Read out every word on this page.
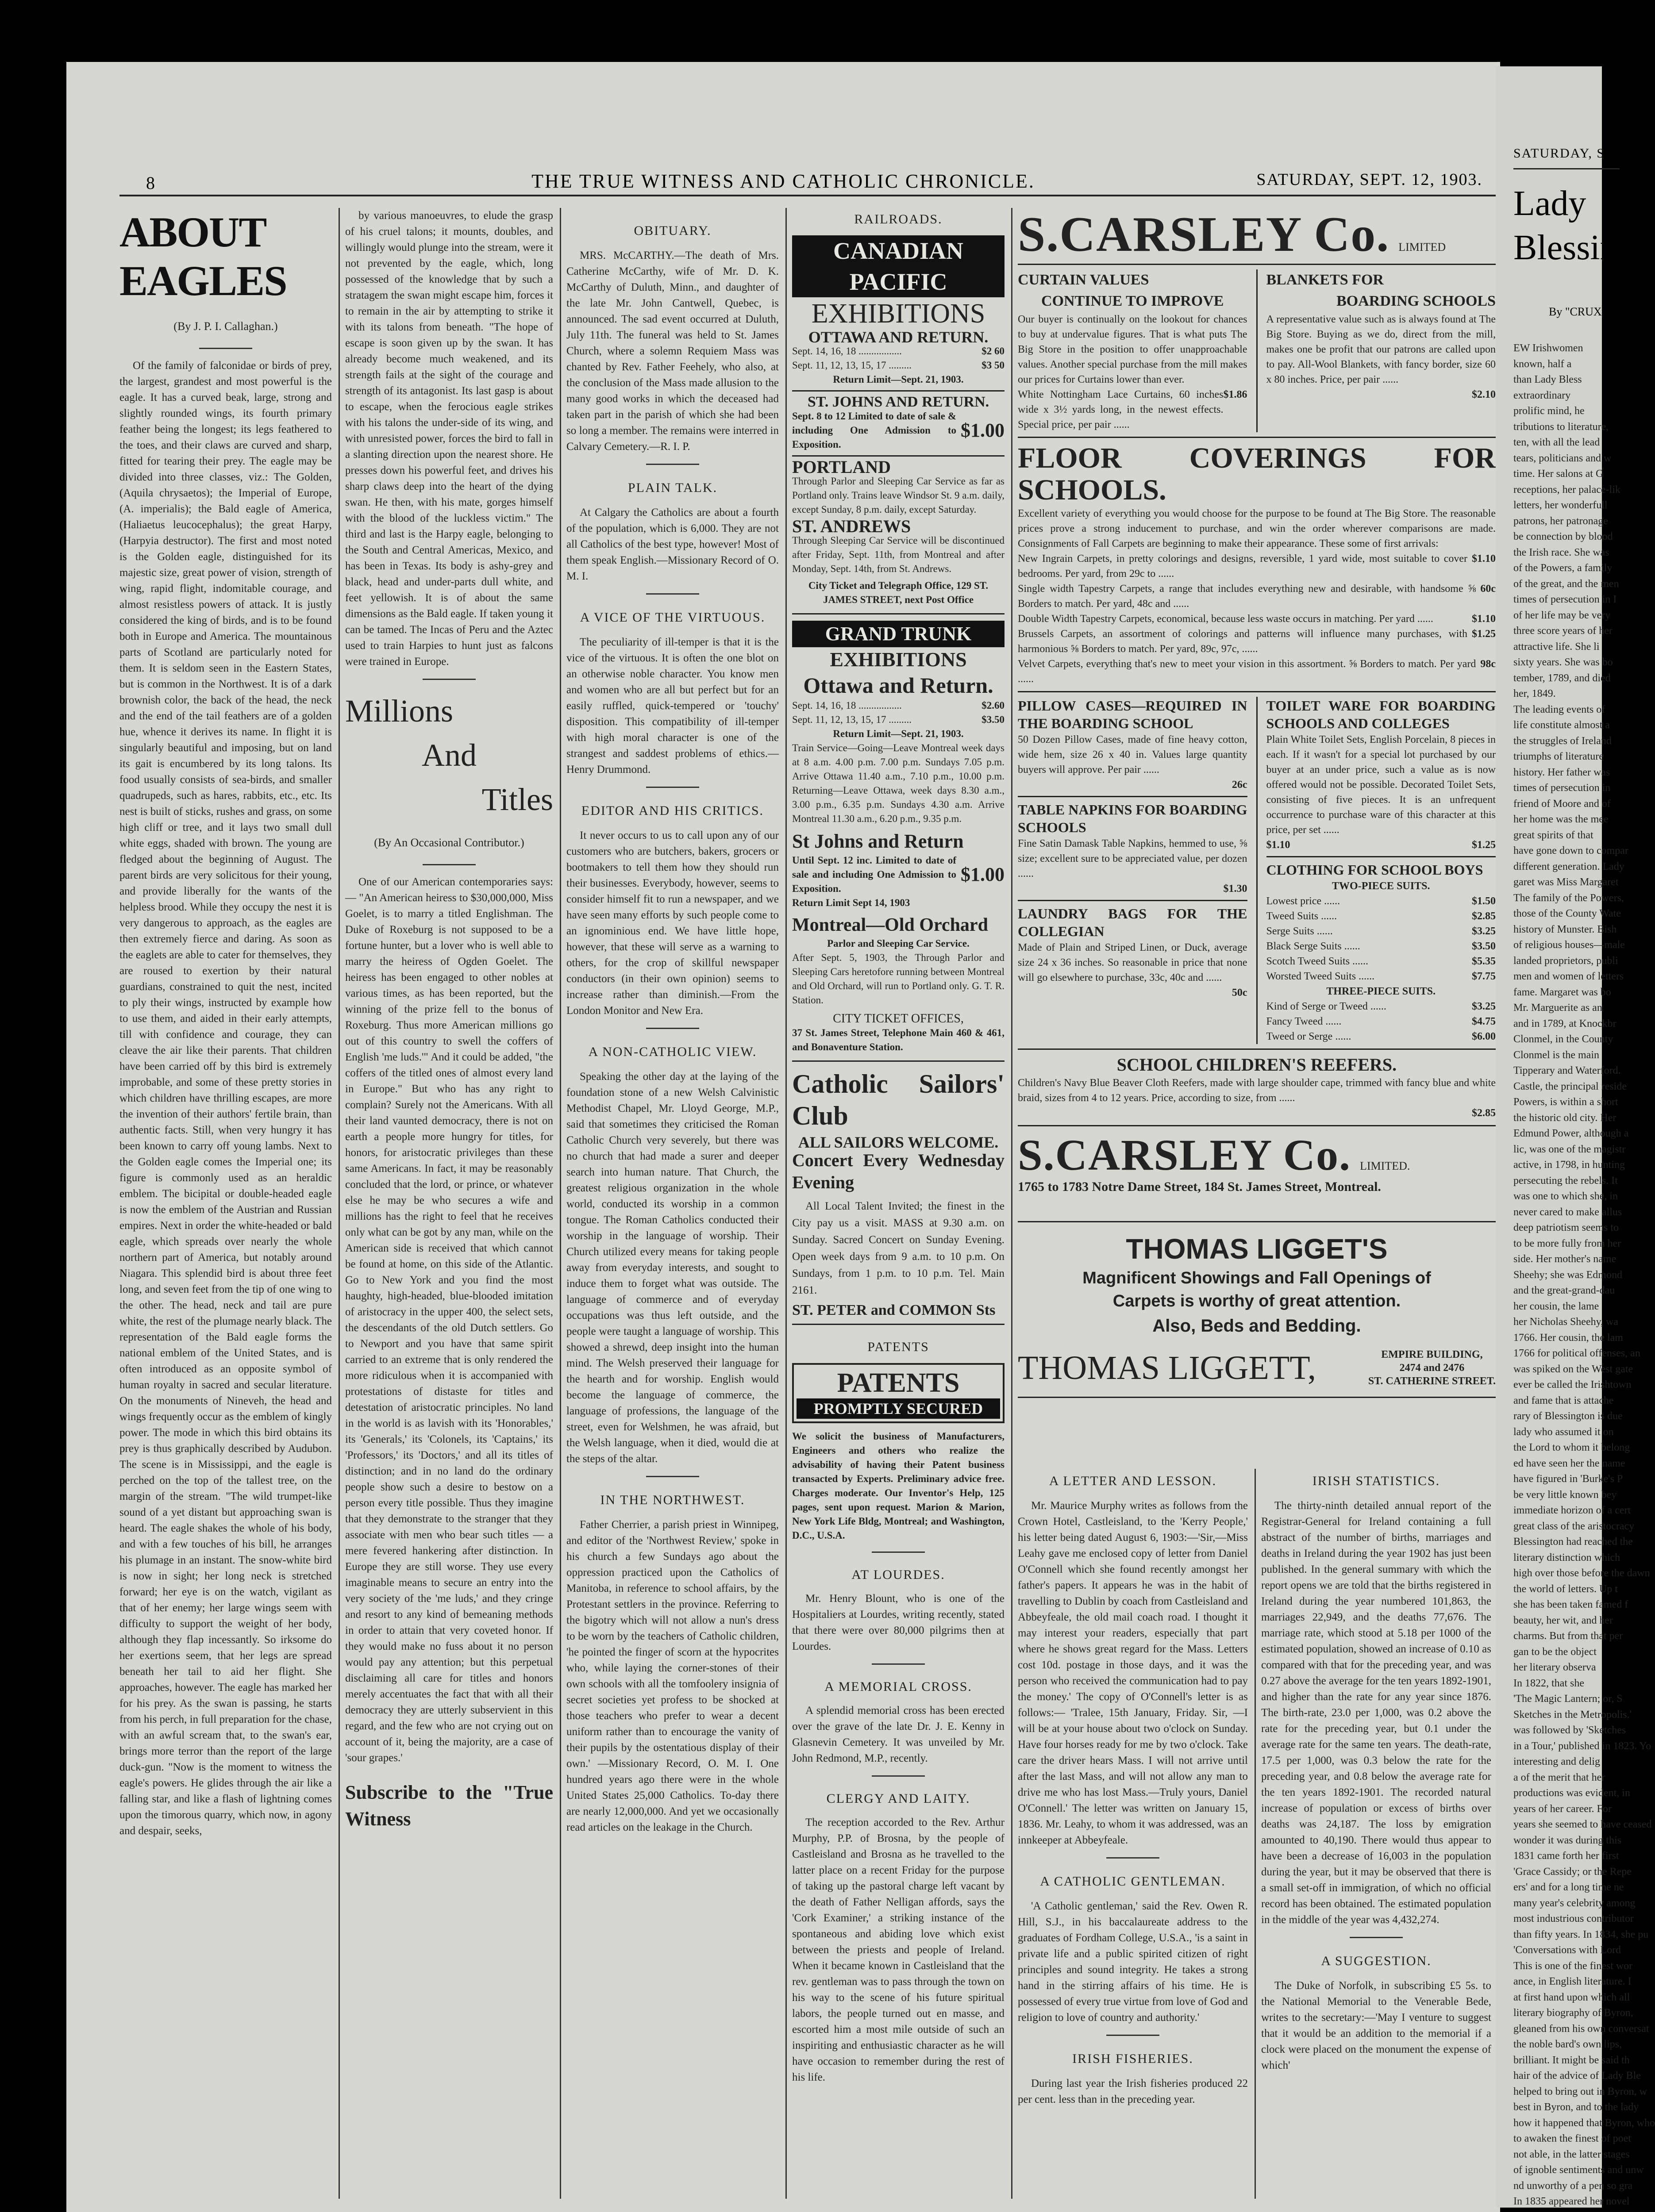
8	THE TRUE WITNESS AND CATHOLIC CHRONICLE.	SATURDAY, SEPT. 12, 1903.
ABOUT EAGLES
(By J. P. I. Callaghan.)

Of the family of falconidae or birds of prey, the largest, grandest and most powerful is the eagle. It has a curved beak, large, strong and slightly rounded wings, its fourth primary feather being the longest; its legs feathered to the toes, and their claws are curved and sharp, fitted for tearing their prey. The eagle may be divided into three classes, viz.: The Golden, (Aquila chrysaetos); the Imperial of Europe, (A. imperialis); the Bald eagle of America, (Haliaetus leucocephalus); the great Harpy, (Harpyia destructor). The first and most noted is the Golden eagle, distinguished for its majestic size, great power of vision, strength of wing, rapid flight, indomitable courage, and almost resistless powers of attack. It is justly considered the king of birds, and is to be found both in Europe and America. The mountainous parts of Scotland are particularly noted for them. It is seldom seen in the Eastern States, but is common in the Northwest. It is of a dark brownish color, the back of the head, the neck and the end of the tail feathers are of a golden hue, whence it derives its name. In flight it is singularly beautiful and imposing, but on land its gait is encumbered by its long talons. Its food usually consists of sea-birds, and smaller quadrupeds, such as hares, rabbits, etc., etc. Its nest is built of sticks, rushes and grass, on some high cliff or tree, and it lays two small dull white eggs, shaded with brown. The young are fledged about the beginning of August. The parent birds are very solicitous for their young, and provide liberally for the wants of the helpless brood. While they occupy the nest it is very dangerous to approach, as the eagles are then extremely fierce and daring. As soon as the eaglets are able to cater for themselves, they are roused to exertion by their natural guardians, constrained to quit the nest, incited to ply their wings, instructed by example how to use them, and aided in their early attempts, till with confidence and courage, they can cleave the air like their parents. That children have been carried off by this bird is extremely improbable, and some of these pretty stories in which children have thrilling escapes, are more the invention of their authors' fertile brain, than authentic facts. Still, when very hungry it has been known to carry off young lambs. Next to the Golden eagle comes the Imperial one; its figure is commonly used as an heraldic emblem. The bicipital or double-headed eagle is now the emblem of the Austrian and Russian empires. Next in order the white-headed or bald eagle, which spreads over nearly the whole northern part of America, but notably around Niagara. This splendid bird is about three feet long, and seven feet from the tip of one wing to the other. The head, neck and tail are pure white, the rest of the plumage nearly black. The representation of the Bald eagle forms the national emblem of the United States, and is often introduced as an opposite symbol of human royalty in sacred and secular literature. On the monuments of Nineveh, the head and wings frequently occur as the emblem of kingly power. The mode in which this bird obtains its prey is thus graphically described by Audubon. The scene is in Mississippi, and the eagle is perched on the top of the tallest tree, on the margin of the stream. "The wild trumpet-like sound of a yet distant but approaching swan is heard. The eagle shakes the whole of his body, and with a few touches of his bill, he arranges his plumage in an instant. The snow-white bird is now in sight; her long neck is stretched forward; her eye is on the watch, vigilant as that of her enemy; her large wings seem with difficulty to support the weight of her body, although they flap incessantly. So irksome do her exertions seem, that her legs are spread beneath her tail to aid her flight. She approaches, however. The eagle has marked her for his prey. As the swan is passing, he starts from his perch, in full preparation for the chase, with an awful scream that, to the swan's ear, brings more terror than the report of the large duck-gun. "Now is the moment to witness the eagle's powers. He glides through the air like a falling star, and like a flash of lightning comes upon the timorous quarry, which now, in agony and despair, seeks,

by various manoeuvres, to elude the grasp of his cruel talons; it mounts, doubles, and willingly would plunge into the stream, were it not prevented by the eagle, which, long possessed of the knowledge that by such a stratagem the swan might escape him, forces it to remain in the air by attempting to strike it with its talons from beneath. "The hope of escape is soon given up by the swan. It has already become much weakened, and its strength fails at the sight of the courage and strength of its antagonist. Its last gasp is about to escape, when the ferocious eagle strikes with his talons the under-side of its wing, and with unresisted power, forces the bird to fall in a slanting direction upon the nearest shore. He presses down his powerful feet, and drives his sharp claws deep into the heart of the dying swan. He then, with his mate, gorges himself with the blood of the luckless victim." The third and last is the Harpy eagle, belonging to the South and Central Americas, Mexico, and has been in Texas. Its body is ashy-grey and black, head and under-parts dull white, and feet yellowish. It is of about the same dimensions as the Bald eagle. If taken young it can be tamed. The Incas of Peru and the Aztec used to train Harpies to hunt just as falcons were trained in Europe.

Millions
And
Titles
(By An Occasional Contributor.)

One of our American contemporaries says:— "An American heiress to $30,000,000, Miss Goelet, is to marry a titled Englishman. The Duke of Roxeburg is not supposed to be a fortune hunter, but a lover who is well able to marry the heiress of Ogden Goelet. The heiress has been engaged to other nobles at various times, as has been reported, but the winning of the prize fell to the bonus of Roxeburg. Thus more American millions go out of this country to swell the coffers of English 'me luds.'" And it could be added, "the coffers of the titled ones of almost every land in Europe." But who has any right to complain? Surely not the Americans. With all their land vaunted democracy, there is not on earth a people more hungry for titles, for honors, for aristocratic privileges than these same Americans. In fact, it may be reasonably concluded that the lord, or prince, or whatever else he may be who secures a wife and millions has the right to feel that he receives only what can be got by any man, while on the American side is received that which cannot be found at home, on this side of the Atlantic. Go to New York and you find the most haughty, high-headed, blue-blooded imitation of aristocracy in the upper 400, the select sets, the descendants of the old Dutch settlers. Go to Newport and you have that same spirit carried to an extreme that is only rendered the more ridiculous when it is accompanied with protestations of distaste for titles and detestation of aristocratic principles. No land in the world is as lavish with its 'Honorables,' its 'Generals,' its 'Colonels, its 'Captains,' its 'Professors,' its 'Doctors,' and all its titles of distinction; and in no land do the ordinary people show such a desire to bestow on a person every title possible. Thus they imagine that they demonstrate to the stranger that they associate with men who bear such titles — a mere fevered hankering after distinction. In Europe they are still worse. They use every imaginable means to secure an entry into the very society of the 'me luds,' and they cringe and resort to any kind of bemeaning methods in order to attain that very coveted honor. If they would make no fuss about it no person would pay any attention; but this perpetual disclaiming all care for titles and honors merely accentuates the fact that with all their democracy they are utterly subservient in this regard, and the few who are not crying out on account of it, being the majority, are a case of 'sour grapes.'

Subscribe to the "True Witness
OBITUARY.

MRS. McCARTHY.—The death of Mrs. Catherine McCarthy, wife of Mr. D. K. McCarthy of Duluth, Minn., and daughter of the late Mr. John Cantwell, Quebec, is announced. The sad event occurred at Duluth, July 11th. The funeral was held to St. James Church, where a solemn Requiem Mass was chanted by Rev. Father Feehely, who also, at the conclusion of the Mass made allusion to the many good works in which the deceased had taken part in the parish of which she had been so long a member. The remains were interred in Calvary Cemetery.—R. I. P.

PLAIN TALK.

At Calgary the Catholics are about a fourth of the population, which is 6,000. They are not all Catholics of the best type, however! Most of them speak English.—Missionary Record of O. M. I.

A VICE OF THE VIRTUOUS.

The peculiarity of ill-temper is that it is the vice of the virtuous. It is often the one blot on an otherwise noble character. You know men and women who are all but perfect but for an easily ruffled, quick-tempered or 'touchy' disposition. This compatibility of ill-temper with high moral character is one of the strangest and saddest problems of ethics.—Henry Drummond.

EDITOR AND HIS CRITICS.

It never occurs to us to call upon any of our customers who are butchers, bakers, grocers or bootmakers to tell them how they should run their businesses. Everybody, however, seems to consider himself fit to run a newspaper, and we have seen many efforts by such people come to an ignominious end. We have little hope, however, that these will serve as a warning to others, for the crop of skillful newspaper conductors (in their own opinion) seems to increase rather than diminish.—From the London Monitor and New Era.

A NON-CATHOLIC VIEW.

Speaking the other day at the laying of the foundation stone of a new Welsh Calvinistic Methodist Chapel, Mr. Lloyd George, M.P., said that sometimes they criticised the Roman Catholic Church very severely, but there was no church that had made a surer and deeper search into human nature. That Church, the greatest religious organization in the whole world, conducted its worship in a common tongue. The Roman Catholics conducted their worship in the language of worship. Their Church utilized every means for taking people away from everyday interests, and sought to induce them to forget what was outside. The language of commerce and of everyday occupations was thus left outside, and the people were taught a language of worship. This showed a shrewd, deep insight into the human mind. The Welsh preserved their language for the hearth and for worship. English would become the language of commerce, the language of professions, the language of the street, even for Welshmen, he was afraid, but the Welsh language, when it died, would die at the steps of the altar.

IN THE NORTHWEST.

Father Cherrier, a parish priest in Winnipeg, and editor of the 'Northwest Review,' spoke in his church a few Sundays ago about the oppression practiced upon the Catholics of Manitoba, in reference to school affairs, by the Protestant settlers in the province. Referring to the bigotry which will not allow a nun's dress to be worn by the teachers of Catholic children, 'he pointed the finger of scorn at the hypocrites who, while laying the corner-stones of their own schools with all the tomfoolery insignia of secret societies yet profess to be shocked at those teachers who prefer to wear a decent uniform rather than to encourage the vanity of their pupils by the ostentatious display of their own.' —Missionary Record, O. M. I. One hundred years ago there were in the whole United States 25,000 Catholics. To-day there are nearly 12,000,000. And yet we occasionally read articles on the leakage in the Church.

RAILROADS.
CANADIAN
PACIFIC
EXHIBITIONS
OTTAWA AND RETURN.
Sept. 14, 16, 18 .................	$2 60
Sept. 11, 12, 13, 15, 17 .........	$3 50
Return Limit—Sept. 21, 1903.
ST. JOHNS AND RETURN.
Sept. 8 to 12 Limited to date of sale & including One Admission to Exposition.
$1.00
PORTLAND
Through Parlor and Sleeping Car Service as far as Portland only. Trains leave Windsor St. 9 a.m. daily, except Sunday, 8 p.m. daily, except Saturday.
ST. ANDREWS
Through Sleeping Car Service will be discontinued after Friday, Sept. 11th, from Montreal and after Monday, Sept. 14th, from St. Andrews.
City Ticket and Telegraph Office, 129 ST. JAMES STREET, next Post Office
GRAND TRUNK
EXHIBITIONS
Ottawa and Return.
Sept. 14, 16, 18 .................	$2.60
Sept. 11, 12, 13, 15, 17 .........	$3.50
Return Limit—Sept. 21, 1903.
Train Service—Going—Leave Montreal week days at 8 a.m. 4.00 p.m. 7.00 p.m. Sundays 7.05 p.m. Arrive Ottawa 11.40 a.m., 7.10 p.m., 10.00 p.m. Returning—Leave Ottawa, week days 8.30 a.m., 3.00 p.m., 6.35 p.m. Sundays 4.30 a.m. Arrive Montreal 11.30 a.m., 6.20 p.m., 9.35 p.m.
St Johns and Return
Until Sept. 12 inc. Limited to date of sale and including One Admission to Exposition.
$1.00
Return Limit Sept 14, 1903
Montreal—Old Orchard
Parlor and Sleeping Car Service.
After Sept. 5, 1903, the Through Parlor and Sleeping Cars heretofore running between Montreal and Old Orchard, will run to Portland only. G. T. R. Station.
CITY TICKET OFFICES,
37 St. James Street, Telephone Main 460 & 461, and Bonaventure Station.
Catholic Sailors' Club
ALL SAILORS WELCOME.
Concert Every Wednesday Evening

All Local Talent Invited; the finest in the City pay us a visit. MASS at 9.30 a.m. on Sunday. Sacred Concert on Sunday Evening. Open week days from 9 a.m. to 10 p.m. On Sundays, from 1 p.m. to 10 p.m. Tel. Main 2161.

ST. PETER and COMMON Sts
PATENTS
PATENTS
PROMPTLY SECURED
We solicit the business of Manufacturers, Engineers and others who realize the advisability of having their Patent business transacted by Experts. Preliminary advice free. Charges moderate. Our Inventor's Help, 125 pages, sent upon request. Marion & Marion, New York Life Bldg, Montreal; and Washington, D.C., U.S.A.
AT LOURDES.

Mr. Henry Blount, who is one of the Hospitaliers at Lourdes, writing recently, stated that there were over 80,000 pilgrims then at Lourdes.

A MEMORIAL CROSS.

A splendid memorial cross has been erected over the grave of the late Dr. J. E. Kenny in Glasnevin Cemetery. It was unveiled by Mr. John Redmond, M.P., recently.

CLERGY AND LAITY.

The reception accorded to the Rev. Arthur Murphy, P.P. of Brosna, by the people of Castleisland and Brosna as he travelled to the latter place on a recent Friday for the purpose of taking up the pastoral charge left vacant by the death of Father Nelligan affords, says the 'Cork Examiner,' a striking instance of the spontaneous and abiding love which exist between the priests and people of Ireland. When it became known in Castleisland that the rev. gentleman was to pass through the town on his way to the scene of his future spiritual labors, the people turned out en masse, and escorted him a most mile outside of such an inspiriting and enthusiastic character as he will have occasion to remember during the rest of his life.

S.CARSLEY Co. LIMITED
CURTAIN VALUES
CONTINUE TO IMPROVE
Our buyer is continually on the lookout for chances to buy at undervalue figures. That is what puts The Big Store in the position to offer unapproachable values. Another special purchase from the mill makes our prices for Curtains lower than ever.
White Nottingham Lace Curtains, 60 inches wide x 3½ yards long, in the newest effects. Special price, per pair ......
$1.86
BLANKETS FOR
BOARDING SCHOOLS
A representative value such as is always found at The Big Store. Buying as we do, direct from the mill, makes one be profit that our patrons are called upon to pay. All-Wool Blankets, with fancy border, size 60 x 80 inches. Price, per pair ......
$2.10
FLOOR COVERINGS FOR SCHOOLS.
Excellent variety of everything you would choose for the purpose to be found at The Big Store. The reasonable prices prove a strong inducement to purchase, and win the order wherever comparisons are made. Consignments of Fall Carpets are beginning to make their appearance. These some of first arrivals:
New Ingrain Carpets, in pretty colorings and designs, reversible, 1 yard wide, most suitable to cover bedrooms. Per yard, from 29c to ......
$1.10
Single width Tapestry Carpets, a range that includes everything new and desirable, with handsome ⅝ Borders to match. Per yard, 48c and ......
60c
Double Width Tapestry Carpets, economical, because less waste occurs in matching. Per yard ......	$1.10
Brussels Carpets, an assortment of colorings and patterns will influence many purchases, with harmonious ⅝ Borders to match. Per yard, 89c, 97c, ......
$1.25
Velvet Carpets, everything that's new to meet your vision in this assortment. ⅝ Borders to match. Per yard ......
98c
PILLOW CASES—REQUIRED IN THE BOARDING SCHOOL
50 Dozen Pillow Cases, made of fine heavy cotton, wide hem, size 26 x 40 in. Values large quantity buyers will approve. Per pair ......
26c
TABLE NAPKINS FOR BOARDING SCHOOLS
Fine Satin Damask Table Napkins, hemmed to use, ⅝ size; excellent sure to be appreciated value, per dozen ......
$1.30
LAUNDRY BAGS FOR THE COLLEGIAN
Made of Plain and Striped Linen, or Duck, average size 24 x 36 inches. So reasonable in price that none will go elsewhere to purchase, 33c, 40c and ......
50c
TOILET WARE FOR BOARDING SCHOOLS AND COLLEGES
Plain White Toilet Sets, English Porcelain, 8 pieces in each. If it wasn't for a special lot purchased by our buyer at an under price, such a value as is now offered would not be possible. Decorated Toilet Sets, consisting of five pieces. It is an unfrequent occurrence to purchase ware of this character at this price, per set ......
$1.10	$1.25
CLOTHING FOR SCHOOL BOYS
TWO-PIECE SUITS.
Lowest price ......	$1.50
Tweed Suits ......	$2.85
Serge Suits ......	$3.25
Black Serge Suits ......	$3.50
Scotch Tweed Suits ......	$5.35
Worsted Tweed Suits ......	$7.75
THREE-PIECE SUITS.
Kind of Serge or Tweed ......	$3.25
Fancy Tweed ......	$4.75
Tweed or Serge ......	$6.00
SCHOOL CHILDREN'S REEFERS.
Children's Navy Blue Beaver Cloth Reefers, made with large shoulder cape, trimmed with fancy blue and white braid, sizes from 4 to 12 years. Price, according to size, from ......
$2.85
S.CARSLEY Co. LIMITED.
1765 to 1783 Notre Dame Street, 184 St. James Street, Montreal.
THOMAS LIGGET'S
Magnificent Showings and Fall Openings of
Carpets is worthy of great attention.
Also, Beds and Bedding.
THOMAS LIGGETT,	EMPIRE BUILDING,
2474 and 2476
ST. CATHERINE STREET.
A LETTER AND LESSON.

Mr. Maurice Murphy writes as follows from the Crown Hotel, Castleisland, to the 'Kerry People,' his letter being dated August 6, 1903:—'Sir,—Miss Leahy gave me enclosed copy of letter from Daniel O'Connell which she found recently amongst her father's papers. It appears he was in the habit of travelling to Dublin by coach from Castleisland and Abbeyfeale, the old mail coach road. I thought it may interest your readers, especially that part where he shows great regard for the Mass. Letters cost 10d. postage in those days, and it was the person who received the communication had to pay the money.' The copy of O'Connell's letter is as follows:— 'Tralee, 15th January, Friday. Sir, —I will be at your house about two o'clock on Sunday. Have four horses ready for me by two o'clock. Take care the driver hears Mass. I will not arrive until after the last Mass, and will not allow any man to drive me who has lost Mass.—Truly yours, Daniel O'Connell.' The letter was written on January 15, 1836. Mr. Leahy, to whom it was addressed, was an innkeeper at Abbeyfeale.

A CATHOLIC GENTLEMAN.

'A Catholic gentleman,' said the Rev. Owen R. Hill, S.J., in his baccalaureate address to the graduates of Fordham College, U.S.A., 'is a saint in private life and a public spirited citizen of right principles and sound integrity. He takes a strong hand in the stirring affairs of his time. He is possessed of every true virtue from love of God and religion to love of country and authority.'

IRISH FISHERIES.

During last year the Irish fisheries produced 22 per cent. less than in the preceding year.

IRISH STATISTICS.

The thirty-ninth detailed annual report of the Registrar-General for Ireland containing a full abstract of the number of births, marriages and deaths in Ireland during the year 1902 has just been published. In the general summary with which the report opens we are told that the births registered in Ireland during the year numbered 101,863, the marriages 22,949, and the deaths 77,676. The marriage rate, which stood at 5.18 per 1000 of the estimated population, showed an increase of 0.10 as compared with that for the preceding year, and was 0.27 above the average for the ten years 1892-1901, and higher than the rate for any year since 1876. The birth-rate, 23.0 per 1,000, was 0.2 above the rate for the preceding year, but 0.1 under the average rate for the same ten years. The death-rate, 17.5 per 1,000, was 0.3 below the rate for the preceding year, and 0.8 below the average rate for the ten years 1892-1901. The recorded natural increase of population or excess of births over deaths was 24,187. The loss by emigration amounted to 40,190. There would thus appear to have been a decrease of 16,003 in the population during the year, but it may be observed that there is a small set-off in immigration, of which no official record has been obtained. The estimated population in the middle of the year was 4,432,274.

A SUGGESTION.

The Duke of Norfolk, in subscribing £5 5s. to the National Memorial to the Venerable Bede, writes to the secretary:—'May I venture to suggest that it would be an addition to the memorial if a clock were placed on the monument the expense of which'

SATURDAY, SEP
Lady
Blessingt
By "CRUX
EW Irishwomen
known, half a
than Lady Bless
extraordinary
prolific mind, he
tributions to literature,
ten, with all the lead
tears, politicians and w
time. Her salons at G
receptions, her palace-lik
letters, her wonderfull
patrons, her patronage
be connection by blood
the Irish race. She was
of the Powers, a family
of the great, and the men
times of persecution in I
of her life may be very
three score years of her
attractive life. She li
sixty years. She was bo
tember, 1789, and died
her, 1849.
The leading events of
life constitute almost a
the struggles of Ireland
triumphs of literature
history. Her father was
times of persecution in
friend of Moore and of
her home was the mee
great spirits of that
have gone down to compar
different generation. Lady
garet was Miss Margaret
The family of the Powers,
those of the County Wate
history of Munster. Bish
of religious houses—male
landed proprietors, publi
men and women of letters
fame. Margaret was bo
Mr. Marguerite as an
and in 1789, at Knockbr
Clonmel, in the County
Clonmel is the main
Tipperary and Waterford.
Castle, the principal reside
Powers, is within a short
the historic old city. Her
Edmund Power, although a
lic, was one of the magistr
active, in 1798, in hunting
persecuting the rebels. It
was one to which she, in
never cared to make allus
deep patriotism seems to
to be more fully from her
side. Her mother's name
Sheehy; she was Edmond
and the great-grand-dau
her cousin, the lame
her Nicholas Sheehy, wa
1766. Her cousin, the lam
1766 for political offenses, an
was spiked on the West gate
ever be called the Irishtown
and fame that is attache
rary of Blessington is due
lady who assumed it on
the Lord to whom it belong
ed have seen her the name
have figured in 'Burke's P
be very little known bey
immediate horizon of a cert
great class of the aristocracy
Blessington had reached the
literary distinction which
high over those before the dawn
the world of letters. Up t
she has been taken famed f
beauty, her wit, and her
charms. But from that per
gan to be the object
her literary observa
In 1822, that she
'The Magic Lantern; or, S
Sketches in the Metropolis.'
was followed by 'Sketches
in a Tour,' published in 1823. Yo
interesting and delig
a of the merit that her
productions was evident, in
years of her career. For
years she seemed to have ceased
wonder it was during this
1831 came forth her first
'Grace Cassidy; or the Repe
ers' and for a long time ne
many year's celebrity among
most industrious contributor
than fifty years. In 1834, she pu
'Conversations with Lord
This is one of the finest wor
ance, in English literature. I
at first hand upon which all
literary biography of Byron,
gleaned from his own conversat
the noble bard's own lips,
brilliant. It might be said th
hair of the advice of Lady Ble
helped to bring out in Byron, w
best in Byron, and to the lady
how it happened that Byron, who
to awaken the finest of poet
not able, in the latter stages
of ignoble sentiments and unw
nd unworthy of a pen so gra
In 1835 appeared her novel
